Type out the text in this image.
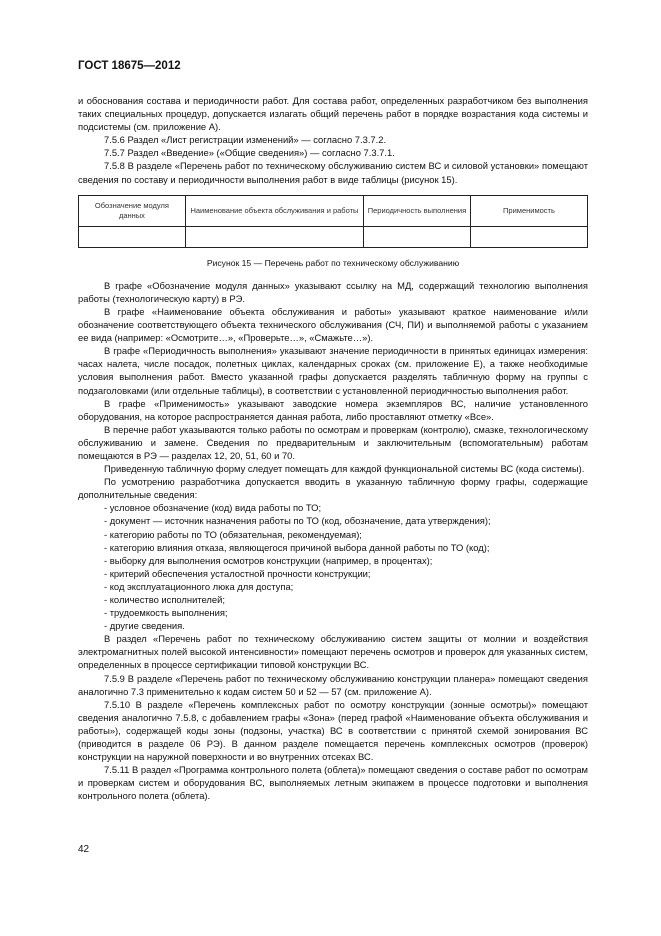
ГОСТ 18675—2012

и обоснования состава и периодичности работ. Для состава работ, определенных разработчиком без выполнения таких специальных процедур, допускается излагать общий перечень работ в порядке возрастания кода системы и подсистемы (см. приложение А).

7.5.6 Раздел «Лист регистрации изменений» — согласно 7.3.7.2.

7.5.7 Раздел «Введение» («Общие сведения») — согласно 7.3.7.1.

7.5.8 В разделе «Перечень работ по техническому обслуживанию систем ВС и силовой установки» помещают сведения по составу и периодичности выполнения работ в виде таблицы (рисунок 15).

Обозначение модуля данных	Наименование объекта обслуживания и работы	Периодичность выполнения	Применимость

Рисунок 15 — Перечень работ по техническому обслуживанию

В графе «Обозначение модуля данных» указывают ссылку на МД, содержащий технологию выполнения работы (технологическую карту) в РЭ.

В графе «Наименование объекта обслуживания и работы» указывают краткое наименование и/или обозначение соответствующего объекта технического обслуживания (СЧ, ПИ) и выполняемой работы с указанием ее вида (например: «Осмотрите…», «Проверьте…», «Смажьте…»).

В графе «Периодичность выполнения» указывают значение периодичности в принятых единицах измерения: часах налета, числе посадок, полетных циклах, календарных сроках (см. приложение Е), а также необходимые условия выполнения работ. Вместо указанной графы допускается разделять табличную форму на группы с подзаголовками (или отдельные таблицы), в соответствии с установленной периодичностью выполнения работ.

В графе «Применимость» указывают заводские номера экземпляров ВС, наличие установленного оборудования, на которое распространяется данная работа, либо проставляют отметку «Все».

В перечне работ указываются только работы по осмотрам и проверкам (контролю), смазке, технологическому обслуживанию и замене. Сведения по предварительным и заключительным (вспомогательным) работам помещаются в РЭ — разделах 12, 20, 51, 60 и 70.

Приведенную табличную форму следует помещать для каждой функциональной системы ВС (кода системы).

По усмотрению разработчика допускается вводить в указанную табличную форму графы, содержащие дополнительные сведения:

- условное обозначение (код) вида работы по ТО;

- документ — источник назначения работы по ТО (код, обозначение, дата утверждения);

- категорию работы по ТО (обязательная, рекомендуемая);

- категорию влияния отказа, являющегося причиной выбора данной работы по ТО (код);

- выборку для выполнения осмотров конструкции (например, в процентах);

- критерий обеспечения усталостной прочности конструкции;

- код эксплуатационного люка для доступа;

- количество исполнителей;

- трудоемкость выполнения;

- другие сведения.

В раздел «Перечень работ по техническому обслуживанию систем защиты от молнии и воздействия электромагнитных полей высокой интенсивности» помещают перечень осмотров и проверок для указанных систем, определенных в процессе сертификации типовой конструкции ВС.

7.5.9 В разделе «Перечень работ по техническому обслуживанию конструкции планера» помещают сведения аналогично 7.3 применительно к кодам систем 50 и 52 — 57 (см. приложение А).

7.5.10 В разделе «Перечень комплексных работ по осмотру конструкции (зонные осмотры)» помещают сведения аналогично 7.5.8, с добавлением графы «Зона» (перед графой «Наименование объекта обслуживания и работы»), содержащей коды зоны (подзоны, участка) ВС в соответствии с принятой схемой зонирования ВС (приводится в разделе 06 РЭ). В данном разделе помещается перечень комплексных осмотров (проверок) конструкции на наружной поверхности и во внутренних отсеках ВС.

7.5.11 В раздел «Программа контрольного полета (облета)» помещают сведения о составе работ по осмотрам и проверкам систем и оборудования ВС, выполняемых летным экипажем в процессе подготовки и выполнения контрольного полета (облета).

42
